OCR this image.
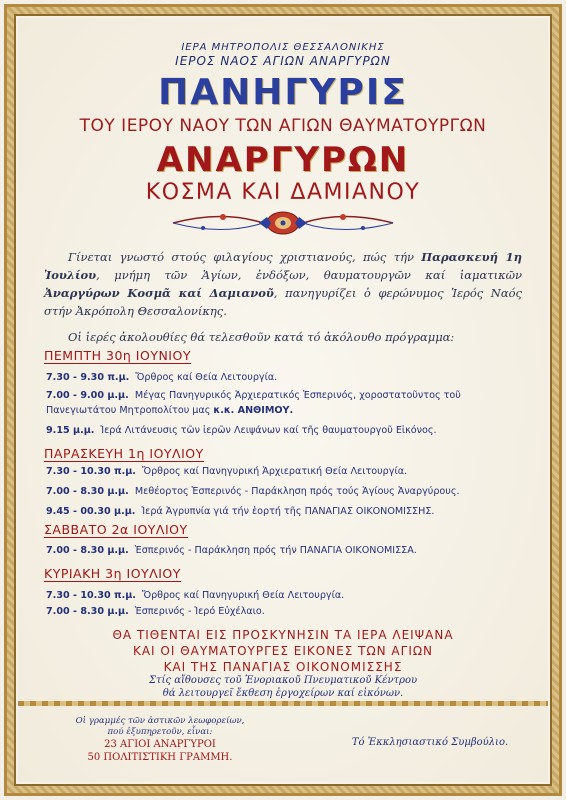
ΙΕΡΑ ΜΗΤΡΟΠΟΛΙΣ ΘΕΣΣΑΛΟΝΙΚΗΣ
ΙΕΡΟΣ ΝΑΟΣ ΑΓΙΩΝ ΑΝΑΡΓΥΡΩΝ
ΠΑΝΗΓΥΡΙΣ
ΤΟΥ ΙΕΡΟΥ ΝΑΟΥ ΤΩΝ ΑΓΙΩΝ ΘΑΥΜΑΤΟΥΡΓΩΝ
ΑΝΑΡΓΥΡΩΝ
ΚΟΣΜΑ ΚΑΙ ΔΑΜΙΑΝΟΥ
Γίνεται γνωστό στούς φιλαγίους χριστιανούς, πώς τήν Παρασκευή 1η Ἰουλίου, μνήμη τῶν Ἁγίων, ἐνδόξων, θαυματουργῶν καί ἰαματικῶν Ἀναργύρων Κοσμᾶ καί Δαμιανοῦ, πανηγυρίζει ὁ φερώνυμος Ἱερός Ναός στήν Ἀκρόπολη Θεσσαλονίκης.
Οἱ ἱερές ἀκολουθίες θά τελεσθοῦν κατά τό ἀκόλουθο πρόγραμμα:
ΠΕΜΠΤΗ 30η ΙΟΥΝΙΟΥ
7.30 - 9.30 π.μ. Ὄρθρος καί Θεία Λειτουργία.
7.00 - 9.00 μ.μ. Μέγας Πανηγυρικός Ἀρχιερατικός Ἑσπερινός, χοροστατοῦντος τοῦ
Πανεγιωτάτου Μητροπολίτου μας κ.κ. ΑΝΘΙΜΟΥ.
9.15 μ.μ. Ἱερά Λιτάνευσις τῶν ἱερῶν Λειψάνων καί τῆς θαυματουργοῦ Εἰκόνος.
ΠΑΡΑΣΚΕΥΗ 1η ΙΟΥΛΙΟΥ
7.30 - 10.30 π.μ. Ὄρθρος καί Πανηγυρική Ἀρχιερατική Θεία Λειτουργία.
7.00 - 8.30 μ.μ. Μεθέορτος Ἑσπερινός - Παράκληση πρός τούς Ἁγίους Ἀναργύρους.
9.45 - 00.30 μ.μ. Ἱερά Ἀγρυπνία γιά τήν ἑορτή τῆς ΠΑΝΑΓΙΑΣ ΟΙΚΟΝΟΜΙΣΣΗΣ.
ΣΑΒΒΑΤΟ 2α ΙΟΥΛΙΟΥ
7.00 - 8.30 μ.μ. Ἑσπερινός - Παράκληση πρός τήν ΠΑΝΑΓΙΑ ΟΙΚΟΝΟΜΙΣΣΑ.
ΚΥΡΙΑΚΗ 3η ΙΟΥΛΙΟΥ
7.30 - 10.30 π.μ. Ὄρθρος καί Πανηγυρική Θεία Λειτουργία.
7.00 - 8.30 μ.μ. Ἑσπερινός - Ἱερό Εὐχέλαιο.
ΘΑ ΤΙΘΕΝΤΑΙ ΕΙΣ ΠΡΟΣΚΥΝΗΣΙΝ ΤΑ ΙΕΡΑ ΛΕΙΨΑΝΑ
ΚΑΙ ΟΙ ΘΑΥΜΑΤΟΥΡΓΕΣ ΕΙΚΟΝΕΣ ΤΩΝ ΑΓΙΩΝ
ΚΑΙ ΤΗΣ ΠΑΝΑΓΙΑΣ ΟΙΚΟΝΟΜΙΣΣΗΣ
Στίς αἴθουσες τοῦ Ἐνοριακοῦ Πνευματικοῦ Κέντρου
θά λειτουργεῖ ἔκθεση ἐργοχείρων καί εἰκόνων.
Οἱ γραμμές τῶν ἀστικῶν λεωφορείων,
πού ἐξυπηρετοῦν, εἶναι:
23 ΑΓΙΟΙ ΑΝΑΡΓΥΡΟΙ
50 ΠΟΛΙΤΙΣΤΙΚΗ ΓΡΑΜΜΗ.
Τό Ἐκκλησιαστικό Συμβούλιο.
